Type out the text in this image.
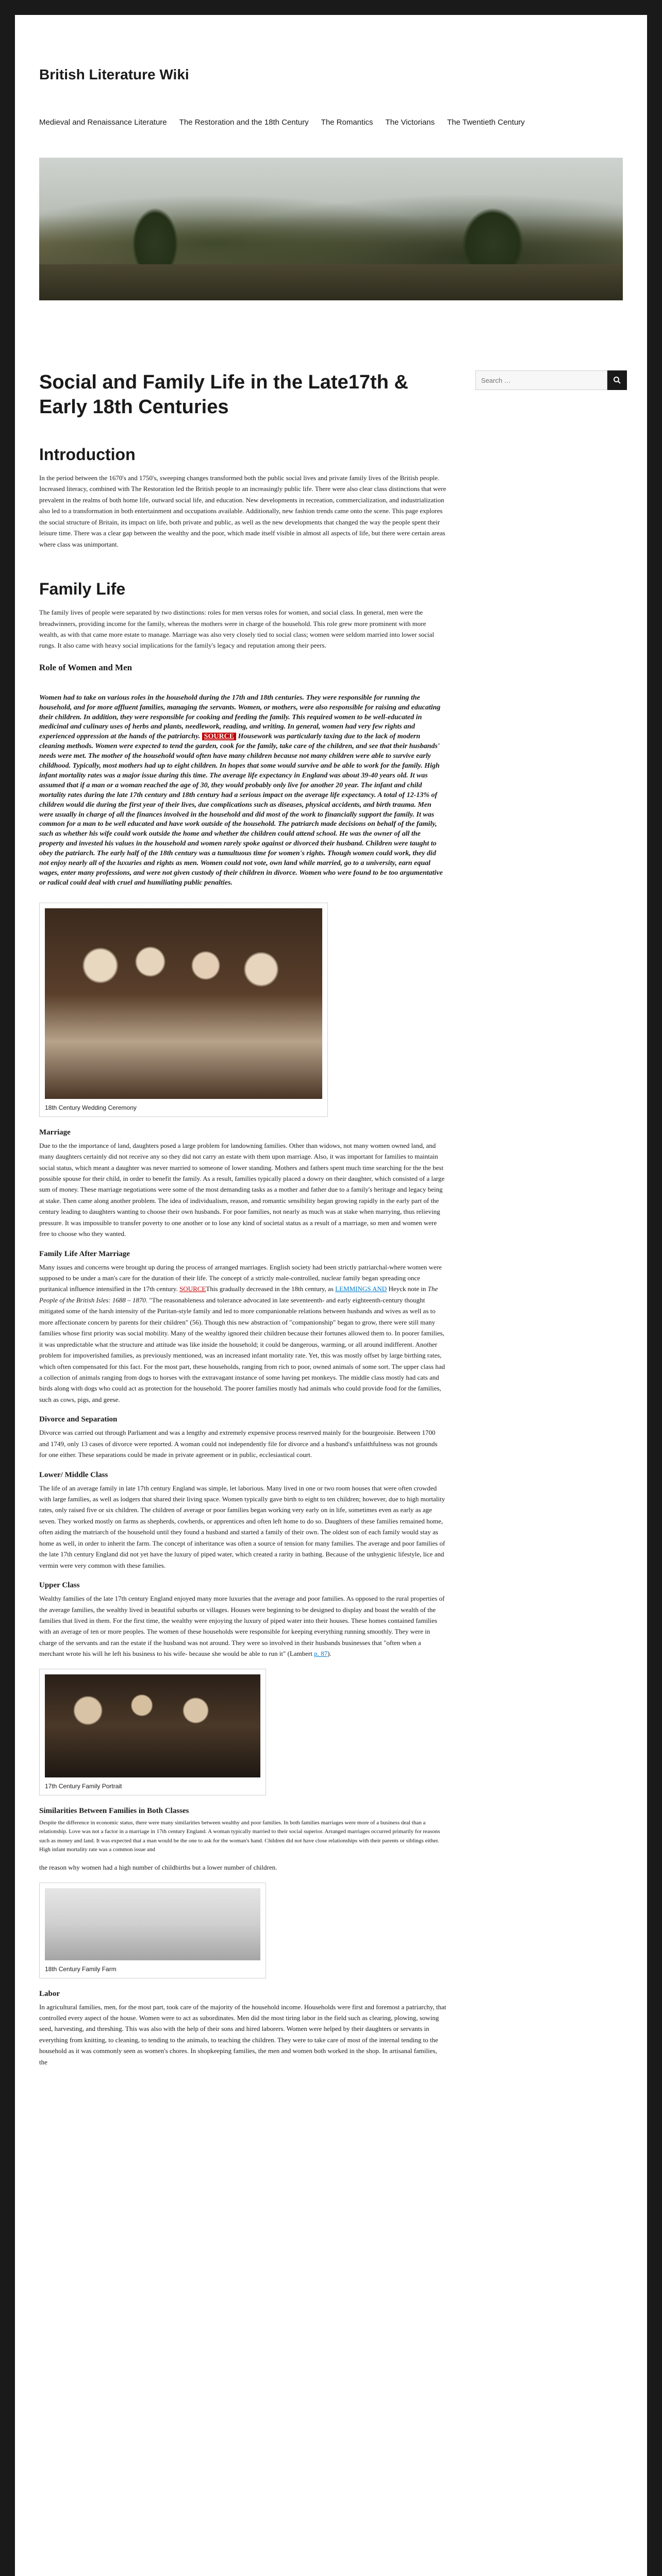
British Literature Wiki
Medieval and Renaissance Literature The Restoration and the 18th Century The Romantics The Victorians The Twentieth Century
Search …
Social and Family Life in the Late17th & Early 18th Centuries
Introduction

In the period between the 1670's and 1750's, sweeping changes transformed both the public social lives and private family lives of the British people. Increased literacy, combined with The Restoration led the British people to an increasingly public life. There were also clear class distinctions that were prevalent in the realms of both home life, outward social life, and education. New developments in recreation, commercialization, and industrialization also led to a transformation in both entertainment and occupations available. Additionally, new fashion trends came onto the scene. This page explores the social structure of Britain, its impact on life, both private and public, as well as the new developments that changed the way the people spent their leisure time. There was a clear gap between the wealthy and the poor, which made itself visible in almost all aspects of life, but there were certain areas where class was unimportant.

Family Life

The family lives of people were separated by two distinctions: roles for men versus roles for women, and social class. In general, men were the breadwinners, providing income for the family, whereas the mothers were in charge of the household. This role grew more prominent with more wealth, as with that came more estate to manage. Marriage was also very closely tied to social class; women were seldom married into lower social rungs. It also came with heavy social implications for the family's legacy and reputation among their peers.

Role of Women and Men

Women had to take on various roles in the household during the 17th and 18th centuries. They were responsible for running the household, and for more affluent families, managing the servants. Women, or mothers, were also responsible for raising and educating their children. In addition, they were responsible for cooking and feeding the family. This required women to be well-educated in medicinal and culinary uses of herbs and plants, needlework, reading, and writing. In general, women had very few rights and experienced oppression at the hands of the patriarchy. SOURCE Housework was particularly taxing due to the lack of modern cleaning methods. Women were expected to tend the garden, cook for the family, take care of the children, and see that their husbands' needs were met. The mother of the household would often have many children because not many children were able to survive early childhood. Typically, most mothers had up to eight children. In hopes that some would survive and be able to work for the family. High infant mortality rates was a major issue during this time. The average life expectancy in England was about 39-40 years old. It was assumed that if a man or a woman reached the age of 30, they would probably only live for another 20 year. The infant and child mortality rates during the late 17th century and 18th century had a serious impact on the average life expectancy. A total of 12-13% of children would die during the first year of their lives, due complications such as diseases, physical accidents, and birth trauma. Men were usually in charge of all the finances involved in the household and did most of the work to financially support the family. It was common for a man to be well educated and have work outside of the household. The patriarch made decisions on behalf of the family, such as whether his wife could work outside the home and whether the children could attend school. He was the owner of all the property and invested his values in the household and women rarely spoke against or divorced their husband. Children were taught to obey the patriarch. The early half of the 18th century was a tumultuous time for women's rights. Though women could work, they did not enjoy nearly all of the luxuries and rights as men. Women could not vote, own land while married, go to a university, earn equal wages, enter many professions, and were not given custody of their children in divorce. Women who were found to be too argumentative or radical could deal with cruel and humiliating public penalties.

18th Century Wedding Ceremony
Marriage

Due to the the importance of land, daughters posed a large problem for landowning families. Other than widows, not many women owned land, and many daughters certainly did not receive any so they did not carry an estate with them upon marriage. Also, it was important for families to maintain social status, which meant a daughter was never married to someone of lower standing. Mothers and fathers spent much time searching for the the best possible spouse for their child, in order to benefit the family. As a result, families typically placed a dowry on their daughter, which consisted of a large sum of money. These marriage negotiations were some of the most demanding tasks as a mother and father due to a family's heritage and legacy being at stake. Then came along another problem. The idea of individualism, reason, and romantic sensibility began growing rapidly in the early part of the century leading to daughters wanting to choose their own husbands. For poor families, not nearly as much was at stake when marrying, thus relieving pressure. It was impossible to transfer poverty to one another or to lose any kind of societal status as a result of a marriage, so men and women were free to choose who they wanted.

Family Life After Marriage

Many issues and concerns were brought up during the process of arranged marriages. English society had been strictly patriarchal-where women were supposed to be under a man's care for the duration of their life. The concept of a strictly male-controlled, nuclear family began spreading once puritanical influence intensified in the 17th century. SOURCEThis gradually decreased in the 18th century, as LEMMINGS AND Heyck note in The People of the British Isles: 1688 – 1870. "The reasonableness and tolerance advocated in late seventeenth- and early eighteenth-century thought mitigated some of the harsh intensity of the Puritan-style family and led to more companionable relations between husbands and wives as well as to more affectionate concern by parents for their children" (56). Though this new abstraction of "companionship" began to grow, there were still many families whose first priority was social mobility. Many of the wealthy ignored their children because their fortunes allowed them to. In poorer families, it was unpredictable what the structure and attitude was like inside the household; it could be dangerous, warming, or all around indifferent. Another problem for impoverished families, as previously mentioned, was an increased infant mortality rate. Yet, this was mostly offset by large birthing rates, which often compensated for this fact. For the most part, these households, ranging from rich to poor, owned animals of some sort. The upper class had a collection of animals ranging from dogs to horses with the extravagant instance of some having pet monkeys. The middle class mostly had cats and birds along with dogs who could act as protection for the household. The poorer families mostly had animals who could provide food for the families, such as cows, pigs, and geese.

Divorce and Separation

Divorce was carried out through Parliament and was a lengthy and extremely expensive process reserved mainly for the bourgeoisie. Between 1700 and 1749, only 13 cases of divorce were reported. A woman could not independently file for divorce and a husband's unfaithfulness was not grounds for one either. These separations could be made in private agreement or in public, ecclesiastical court.

Lower/ Middle Class

The life of an average family in late 17th century England was simple, let laborious. Many lived in one or two room houses that were often crowded with large families, as well as lodgers that shared their living space. Women typically gave birth to eight to ten children; however, due to high mortality rates, only raised five or six children. The children of average or poor families began working very early on in life, sometimes even as early as age seven. They worked mostly on farms as shepherds, cowherds, or apprentices and often left home to do so. Daughters of these families remained home, often aiding the matriarch of the household until they found a husband and started a family of their own. The oldest son of each family would stay as home as well, in order to inherit the farm. The concept of inheritance was often a source of tension for many families. The average and poor families of the late 17th century England did not yet have the luxury of piped water, which created a rarity in bathing. Because of the unhygienic lifestyle, lice and vermin were very common with these families.

Upper Class

Wealthy families of the late 17th century England enjoyed many more luxuries that the average and poor families. As opposed to the rural properties of the average families, the wealthy lived in beautiful suburbs or villages. Houses were beginning to be designed to display and boast the wealth of the families that lived in them. For the first time, the wealthy were enjoying the luxury of piped water into their houses. These homes contained families with an average of ten or more peoples. The women of these households were responsible for keeping everything running smoothly. They were in charge of the servants and ran the estate if the husband was not around. They were so involved in their husbands businesses that "often when a merchant wrote his will he left his business to his wife- because she would be able to run it" (Lambert p. 87).

17th Century Family Portrait
Similarities Between Families in Both Classes

Despite the difference in economic status, there were many similarities between wealthy and poor families. In both families marriages were more of a business deal than a relationship. Love was not a factor in a marriage in 17th century England. A woman typically married to their social superior. Arranged marriages occurred primarily for reasons such as money and land. It was expected that a man would be the one to ask for the woman's hand. Children did not have close relationships with their parents or siblings either. High infant mortality rate was a common issue and

the reason why women had a high number of childbirths but a lower number of children.

18th Century Family Farm
Labor

In agricultural families, men, for the most part, took care of the majority of the household income. Households were first and foremost a patriarchy, that controlled every aspect of the house. Women were to act as subordinates. Men did the most tiring labor in the field such as clearing, plowing, sowing seed, harvesting, and threshing. This was also with the help of their sons and hired laborers. Women were helped by their daughters or servants in everything from knitting, to cleaning, to tending to the animals, to teaching the children. They were to take care of most of the internal tending to the household as it was commonly seen as women's chores. In shopkeeping families, the men and women both worked in the shop. In artisanal families, the
